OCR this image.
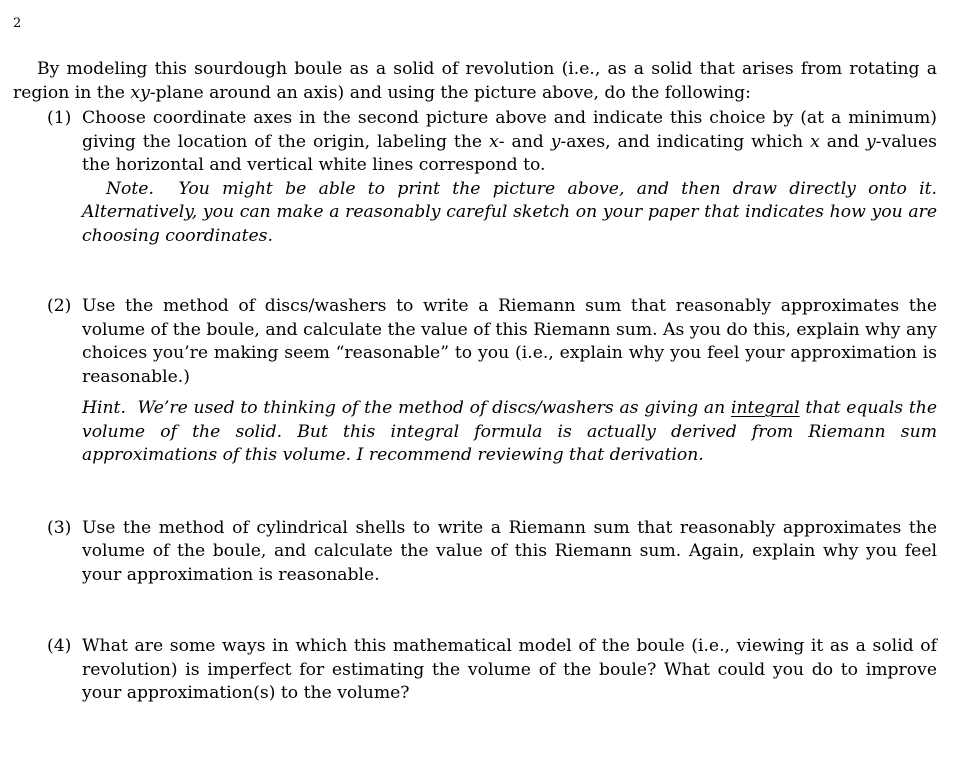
2

By modeling this sourdough boule as a solid of revolution (i.e., as a solid that arises from rotating a region in the xy-plane around an axis) and using the picture above, do the following:

(1) Choose coordinate axes in the second picture above and indicate this choice by (at a minimum) giving the location of the origin, labeling the x- and y-axes, and indicating which x and y-values the horizontal and vertical white lines correspond to.

Note. You might be able to print the picture above, and then draw directly onto it. Alternatively, you can make a reasonably careful sketch on your paper that indicates how you are choosing coordinates.

(2) Use the method of discs/washers to write a Riemann sum that reasonably approximates the volume of the boule, and calculate the value of this Riemann sum. As you do this, explain why any choices you’re making seem “reasonable” to you (i.e., explain why you feel your approximation is reasonable.)

Hint. We’re used to thinking of the method of discs/washers as giving an integral that equals the volume of the solid. But this integral formula is actually derived from Riemann sum approximations of this volume. I recommend reviewing that derivation.

(3) Use the method of cylindrical shells to write a Riemann sum that reasonably approximates the volume of the boule, and calculate the value of this Riemann sum. Again, explain why you feel your approximation is reasonable.

(4) What are some ways in which this mathematical model of the boule (i.e., viewing it as a solid of revolution) is imperfect for estimating the volume of the boule? What could you do to improve your approximation(s) to the volume?
